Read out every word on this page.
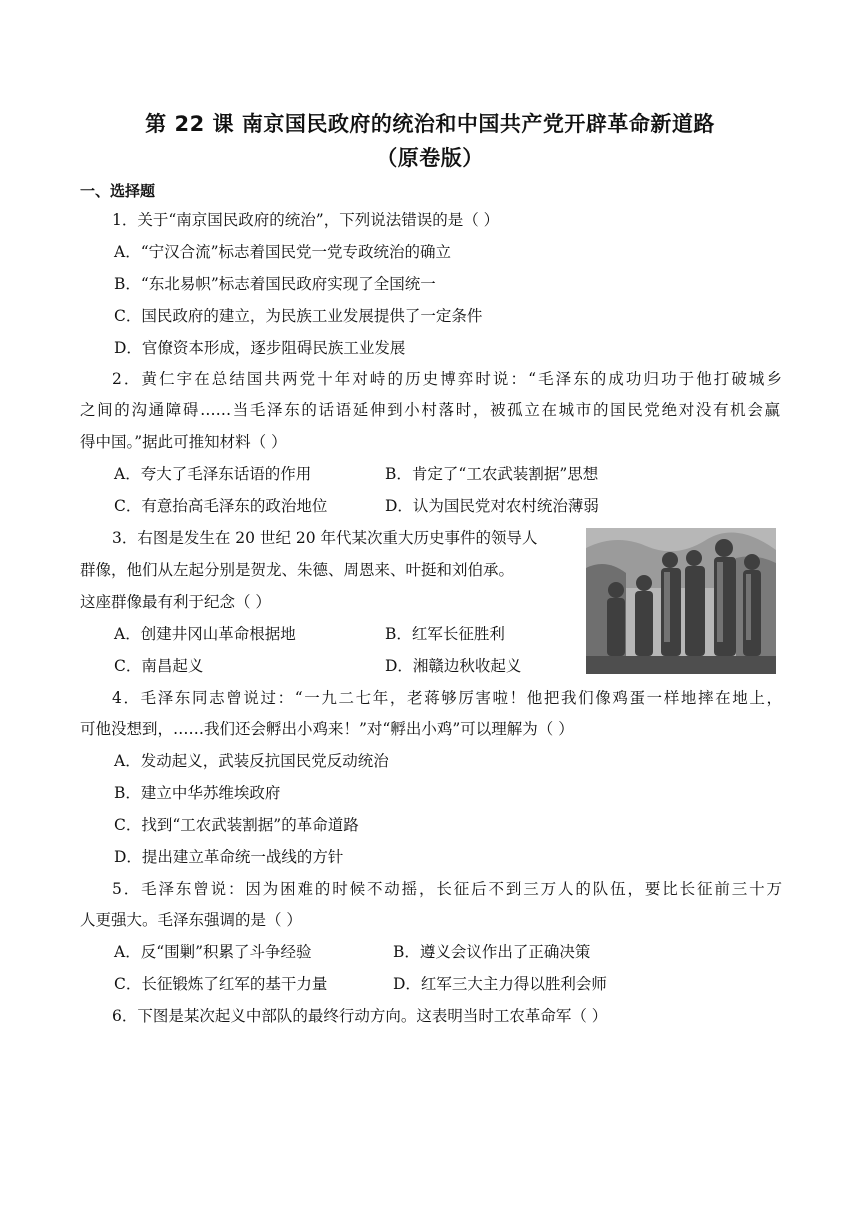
第 22 课 南京国民政府的统治和中国共产党开辟革命新道路
（原卷版）
一、选择题
1．关于“南京国民政府的统治”，下列说法错误的是（ ）
A．“宁汉合流”标志着国民党一党专政统治的确立
B．“东北易帜”标志着国民政府实现了全国统一
C．国民政府的建立，为民族工业发展提供了一定条件
D．官僚资本形成，逐步阻碍民族工业发展
2．黄仁宇在总结国共两党十年对峙的历史博弈时说：“毛泽东的成功归功于他打破城乡
之间的沟通障碍……当毛泽东的话语延伸到小村落时，被孤立在城市的国民党绝对没有机会赢
得中国。”据此可推知材料（ ）
A．夸大了毛泽东话语的作用	B．肯定了“工农武装割据”思想
C．有意抬高毛泽东的政治地位	D．认为国民党对农村统治薄弱
3．右图是发生在 20 世纪 20 年代某次重大历史事件的领导人
群像，他们从左起分别是贺龙、朱德、周恩来、叶挺和刘伯承。
这座群像最有利于纪念（ ）
A．创建井冈山革命根据地	B．红军长征胜利
C．南昌起义	D．湘赣边秋收起义
4．毛泽东同志曾说过：“一九二七年，老蒋够厉害啦！他把我们像鸡蛋一样地摔在地上，
可他没想到，……我们还会孵出小鸡来！”对“孵出小鸡”可以理解为（ ）
A．发动起义，武装反抗国民党反动统治
B．建立中华苏维埃政府
C．找到“工农武装割据”的革命道路
D．提出建立革命统一战线的方针
5．毛泽东曾说：因为困难的时候不动摇，长征后不到三万人的队伍，要比长征前三十万
人更强大。毛泽东强调的是（ ）
A．反“围剿”积累了斗争经验	B．遵义会议作出了正确决策
C．长征锻炼了红军的基干力量	D．红军三大主力得以胜利会师
6．下图是某次起义中部队的最终行动方向。这表明当时工农革命军（ ）
